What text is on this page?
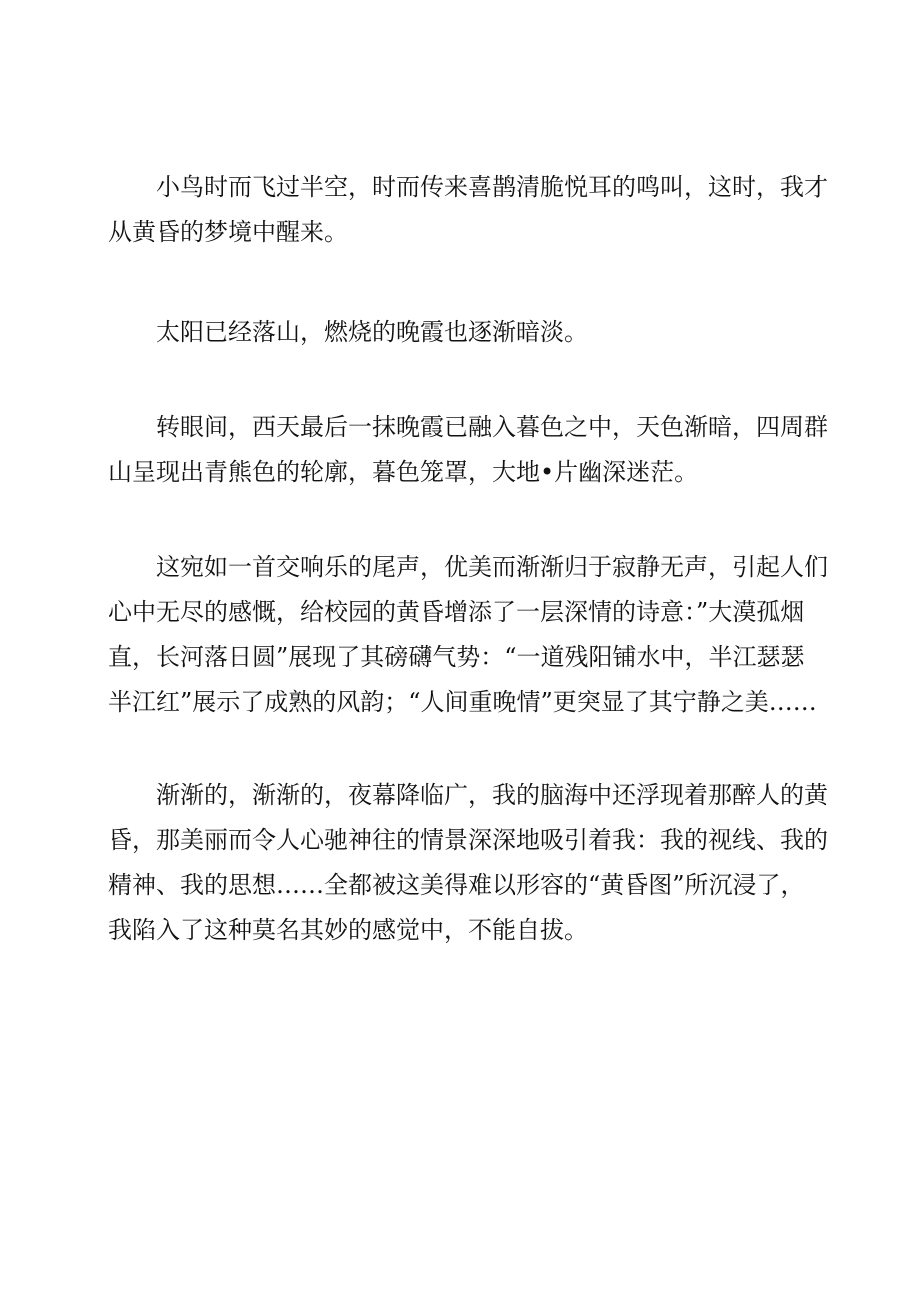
小鸟时而飞过半空，时而传来喜鹊清脆悦耳的鸣叫，这时，我才
从黄昏的梦境中醒来。

太阳已经落山，燃烧的晚霞也逐渐暗淡。

转眼间，西天最后一抹晚霞已融入暮色之中，天色渐暗，四周群
山呈现出青熊色的轮廓，暮色笼罩，大地•片幽深迷茫。

这宛如一首交响乐的尾声，优美而渐渐归于寂静无声，引起人们
心中无尽的感慨，给校园的黄昏增添了一层深情的诗意：”大漠孤烟
直，长河落日圆”展现了其磅礴气势：“一道残阳铺水中，半江瑟瑟
半江红”展示了成熟的风韵；“人间重晚情”更突显了其宁静之美……

渐渐的，渐渐的，夜幕降临广，我的脑海中还浮现着那醉人的黄
昏，那美丽而令人心驰神往的情景深深地吸引着我：我的视线、我的
精神、我的思想……全都被这美得难以形容的“黄昏图”所沉浸了，
我陷入了这种莫名其妙的感觉中，不能自拔。
